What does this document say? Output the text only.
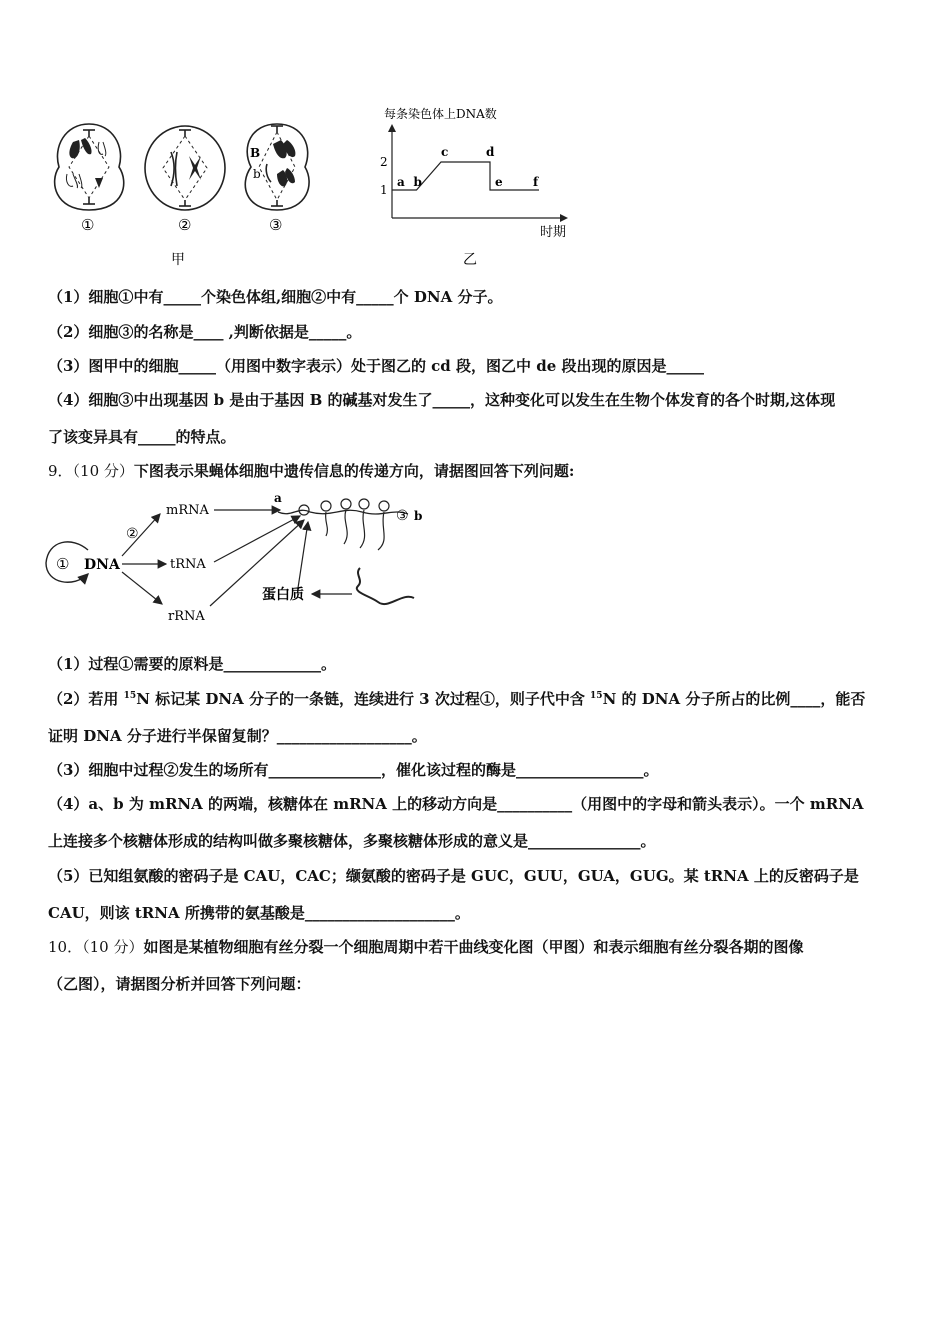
①	②
B
b
③
甲
每条染色体上DNA数
时期
1
2
a b
c	d
e	f
乙
（1）细胞①中有_____个染色体组,细胞②中有_____个 DNA 分子。
（2）细胞③的名称是____ ,判断依据是_____。
（3）图甲中的细胞_____（用图中数字表示）处于图乙的 cd 段，图乙中 de 段出现的原因是_____
（4）细胞③中出现基因 b 是由于基因 B 的碱基对发生了_____，这种变化可以发生在生物个体发育的各个时期,这体现
了该变异具有_____的特点。
9．（10 分）下图表示果蝇体细胞中遗传信息的传递方向，请据图回答下列问题:
① DNA
②
mRNA
tRNA
rRNA
a
③ b
蛋白质
（1）过程①需要的原料是_____________。
（2）若用 $^{15}$N 标记某 DNA 分子的一条链，连续进行 3 次过程①，则子代中含 $^{15}$N 的 DNA 分子所占的比例____，能否
证明 DNA 分子进行半保留复制？__________________。
（3）细胞中过程②发生的场所有_______________，催化该过程的酶是_________________。
（4）a、b 为 mRNA 的两端，核糖体在 mRNA 上的移动方向是__________（用图中的字母和箭头表示）。一个 mRNA
上连接多个核糖体形成的结构叫做多聚核糖体，多聚核糖体形成的意义是_______________。
（5）已知组氨酸的密码子是 CAU，CAC；缬氨酸的密码子是 GUC，GUU，GUA，GUG。某 tRNA 上的反密码子是
CAU，则该 tRNA 所携带的氨基酸是____________________。
10．（10 分）如图是某植物细胞有丝分裂一个细胞周期中若干曲线变化图（甲图）和表示细胞有丝分裂各期的图像
（乙图），请据图分析并回答下列问题：
